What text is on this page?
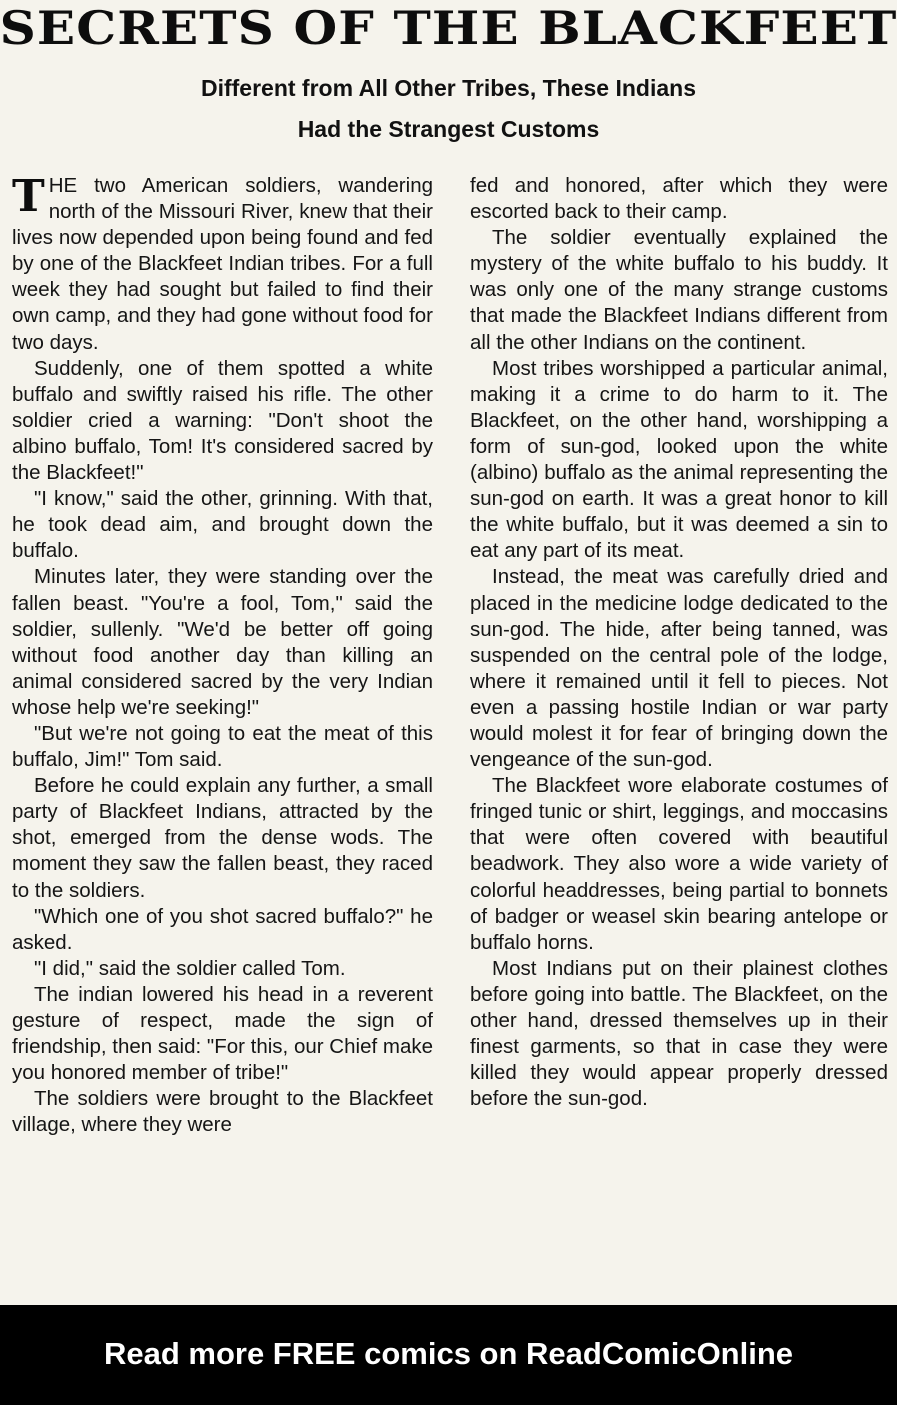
SECRETS OF THE BLACKFEET
Different from All Other Tribes, These Indians
Had the Strangest Customs

THE two American soldiers, wandering north of the Missouri River, knew that their lives now depended upon being found and fed by one of the Blackfeet Indian tribes. For a full week they had sought but failed to find their own camp, and they had gone without food for two days.

Suddenly, one of them spotted a white buffalo and swiftly raised his rifle. The other soldier cried a warning: "Don't shoot the albino buffalo, Tom! It's considered sacred by the Blackfeet!"

"I know," said the other, grinning. With that, he took dead aim, and brought down the buffalo.

Minutes later, they were standing over the fallen beast. "You're a fool, Tom," said the soldier, sullenly. "We'd be better off going without food another day than killing an animal considered sacred by the very Indian whose help we're seeking!"

"But we're not going to eat the meat of this buffalo, Jim!" Tom said.

Before he could explain any further, a small party of Blackfeet Indians, attracted by the shot, emerged from the dense wods. The moment they saw the fallen beast, they raced to the soldiers.

"Which one of you shot sacred buffalo?" he asked.

"I did," said the soldier called Tom.

The indian lowered his head in a reverent gesture of respect, made the sign of friendship, then said: "For this, our Chief make you honored member of tribe!"

The soldiers were brought to the Blackfeet village, where they were

fed and honored, after which they were escorted back to their camp.

The soldier eventually explained the mystery of the white buffalo to his buddy. It was only one of the many strange customs that made the Blackfeet Indians different from all the other Indians on the continent.

Most tribes worshipped a particular animal, making it a crime to do harm to it. The Blackfeet, on the other hand, worshipping a form of sun-god, looked upon the white (albino) buffalo as the animal representing the sun-god on earth. It was a great honor to kill the white buffalo, but it was deemed a sin to eat any part of its meat.

Instead, the meat was carefully dried and placed in the medicine lodge dedicated to the sun-god. The hide, after being tanned, was suspended on the central pole of the lodge, where it remained until it fell to pieces. Not even a passing hostile Indian or war party would molest it for fear of bringing down the vengeance of the sun-god.

The Blackfeet wore elaborate costumes of fringed tunic or shirt, leggings, and moccasins that were often covered with beautiful beadwork. They also wore a wide variety of colorful headdresses, being partial to bonnets of badger or weasel skin bearing antelope or buffalo horns.

Most Indians put on their plainest clothes before going into battle. The Blackfeet, on the other hand, dressed themselves up in their finest garments, so that in case they were killed they would appear properly dressed before the sun-god.

Read more FREE comics on ReadComicOnline
